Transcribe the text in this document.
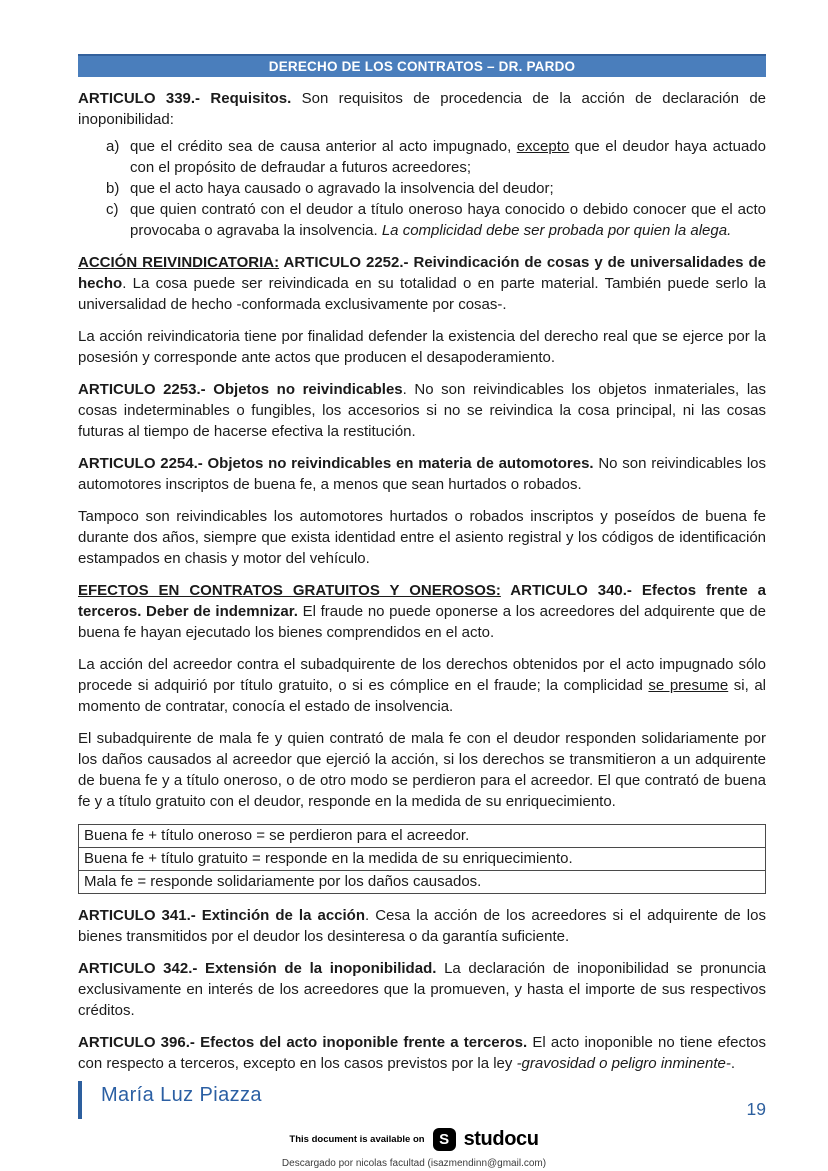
DERECHO DE LOS CONTRATOS – DR. PARDO

ARTICULO 339.- Requisitos. Son requisitos de procedencia de la acción de declaración de inoponibilidad:

a) que el crédito sea de causa anterior al acto impugnado, excepto que el deudor haya actuado con el propósito de defraudar a futuros acreedores;
b) que el acto haya causado o agravado la insolvencia del deudor;
c) que quien contrató con el deudor a título oneroso haya conocido o debido conocer que el acto provocaba o agravaba la insolvencia. La complicidad debe ser probada por quien la alega.

ACCIÓN REIVINDICATORIA: ARTICULO 2252.- Reivindicación de cosas y de universalidades de hecho. La cosa puede ser reivindicada en su totalidad o en parte material. También puede serlo la universalidad de hecho -conformada exclusivamente por cosas-.

La acción reivindicatoria tiene por finalidad defender la existencia del derecho real que se ejerce por la posesión y corresponde ante actos que producen el desapoderamiento.

ARTICULO 2253.- Objetos no reivindicables. No son reivindicables los objetos inmateriales, las cosas indeterminables o fungibles, los accesorios si no se reivindica la cosa principal, ni las cosas futuras al tiempo de hacerse efectiva la restitución.

ARTICULO 2254.- Objetos no reivindicables en materia de automotores. No son reivindicables los automotores inscriptos de buena fe, a menos que sean hurtados o robados.

Tampoco son reivindicables los automotores hurtados o robados inscriptos y poseídos de buena fe durante dos años, siempre que exista identidad entre el asiento registral y los códigos de identificación estampados en chasis y motor del vehículo.

EFECTOS EN CONTRATOS GRATUITOS Y ONEROSOS: ARTICULO 340.- Efectos frente a terceros. Deber de indemnizar. El fraude no puede oponerse a los acreedores del adquirente que de buena fe hayan ejecutado los bienes comprendidos en el acto.

La acción del acreedor contra el subadquirente de los derechos obtenidos por el acto impugnado sólo procede si adquirió por título gratuito, o si es cómplice en el fraude; la complicidad se presume si, al momento de contratar, conocía el estado de insolvencia.

El subadquirente de mala fe y quien contrató de mala fe con el deudor responden solidariamente por los daños causados al acreedor que ejerció la acción, si los derechos se transmitieron a un adquirente de buena fe y a título oneroso, o de otro modo se perdieron para el acreedor. El que contrató de buena fe y a título gratuito con el deudor, responde en la medida de su enriquecimiento.

Buena fe + título oneroso = se perdieron para el acreedor.
Buena fe + título gratuito = responde en la medida de su enriquecimiento.
Mala fe = responde solidariamente por los daños causados.

ARTICULO 341.- Extinción de la acción. Cesa la acción de los acreedores si el adquirente de los bienes transmitidos por el deudor los desinteresa o da garantía suficiente.

ARTICULO 342.- Extensión de la inoponibilidad. La declaración de inoponibilidad se pronuncia exclusivamente en interés de los acreedores que la promueven, y hasta el importe de sus respectivos créditos.

ARTICULO 396.- Efectos del acto inoponible frente a terceros. El acto inoponible no tiene efectos con respecto a terceros, excepto en los casos previstos por la ley -gravosidad o peligro inminente-.

María Luz Piazza
19
This document is available on S studocu
Descargado por nicolas facultad (isazmendinn@gmail.com)
